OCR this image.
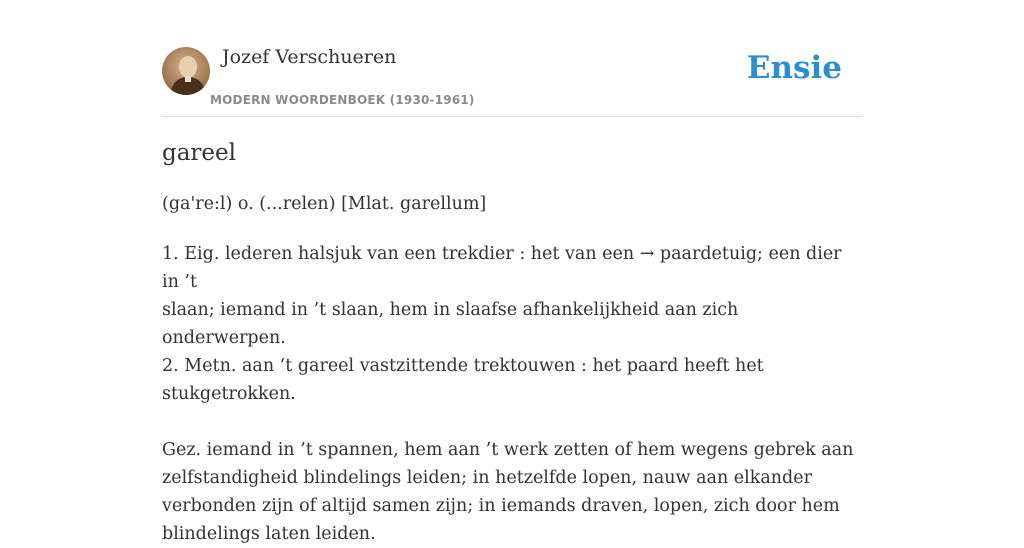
Jozef Verschueren
MODERN WOORDENBOEK (1930-1961)
Ensie
gareel
(ga're:l) o. (...relen) [Mlat. garellum]

1. Eig. lederen halsjuk van een trekdier : het van een → paardetuig; een dier in ’t

slaan; iemand in ’t slaan, hem in slaafse afhankelijkheid aan zich onderwerpen.

2. Metn. aan ‘t gareel vastzittende trektouwen : het paard heeft het

stukgetrokken.

Gez. iemand in ’t spannen, hem aan ’t werk zetten of hem wegens gebrek aan

zelfstandigheid blindelings leiden; in hetzelfde lopen, nauw aan elkander

verbonden zijn of altijd samen zijn; in iemands draven, lopen, zich door hem

blindelings laten leiden.
